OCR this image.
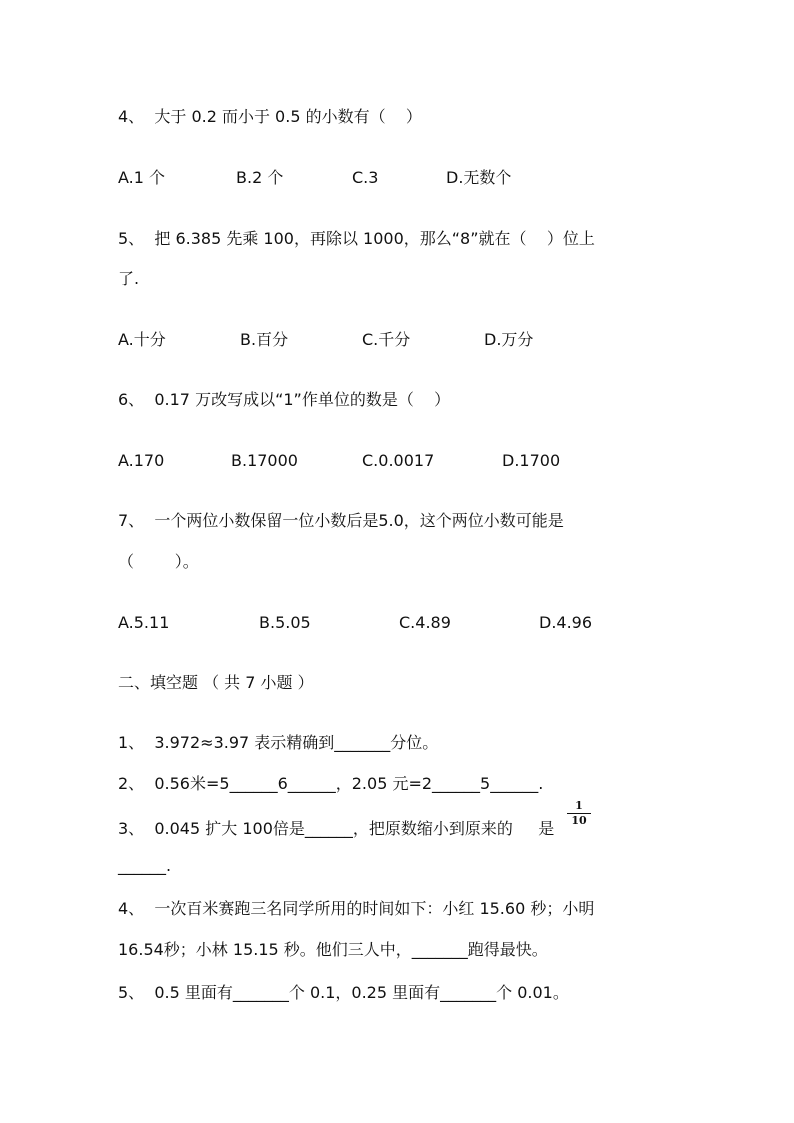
4、  大于 0.2 而小于 0.5 的小数有（    ）
A.1 个	B.2 个	C.3	D.无数个
5、  把 6.385 先乘 100，再除以 1000，那么“8”就在（    ）位上
了.
A.十分	B.百分	C.千分	D.万分
6、  0.17 万改写成以“1”作单位的数是（    ）
A.170	B.17000	C.0.0017	D.1700
7、  一个两位小数保留一位小数后是5.0，这个两位小数可能是
（        ）。
A.5.11	B.5.05	C.4.89	D.4.96
二、填空题 （ 共 7 小题 ）
1、  3.972≈3.97 表示精确到_______分位。
2、  0.56米=5______6______，2.05 元=2______5______.
3、  0.045 扩大 100倍是______，把原数缩小到原来的     是
$\frac{1}{10}$
______.
4、  一次百米赛跑三名同学所用的时间如下：小红 15.60 秒；小明
16.54秒；小林 15.15 秒。他们三人中，_______跑得最快。
5、  0.5 里面有_______个 0.1，0.25 里面有_______个 0.01。
